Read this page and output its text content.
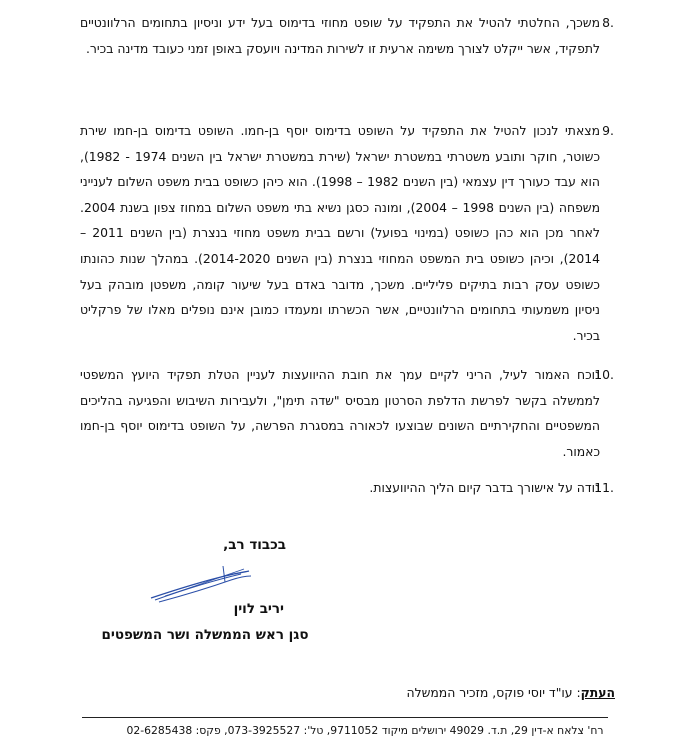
8.

משכך, החלטתי להטיל את התפקיד על שופט מחוזי בדימוס בעל ידע וניסיון בתחומים הרלוונטיים לתפקיד, אשר ייקלט לצורך משימה ארעית זו לשירות המדינה ויועסק באופן זמני כעובד מדינה בכיר.

9.

מצאתי לנכון להטיל את התפקיד על השופט בדימוס יוסף בן-חמו. השופט בדימוס בן-חמו שירת כשוטר, חוקר ותובע משטרתי במשטרת ישראל (שירת במשטרת ישראל בין השנים 1974 - 1982), הוא עבד כעורך דין עצמאי (בין השנים 1982 – 1998). הוא כיהן כשופט בבית משפט השלום לענייני משפחה (בין השנים 1998 – 2004), ומונה כסגן נשיא בתי משפט השלום במחוז צפון בשנת 2004. לאחר מכן הוא כהן כשופט (במינוי בפועל) ורשם בבית משפט מחוזי בנצרת (בין השנים 2011 – 2014), וכיהן כשופט בית המשפט המחוזי בנצרת (בין השנים 2014-2020). במהלך שנות כהונתו כשופט עסק רבות בתיקים פליליים. משכך, מדובר באדם בעל שיעור קומה, משפטן מובהק בעל ניסיון משמעותי בתחומים הרלוונטיים, אשר הכשרתו ומעמדו כמובן אינם נופלים מאלו של פרקליט בכיר.

10.

נוכח האמור לעיל, הריני לקיים עמך את חובת ההיוועצות לעניין הטלת תפקיד היועץ המשפטי לממשלה בקשר לפרשת הדלפת הסרטון מבסיס "שדה תימן", ולעבירות השיבוש והפגיעה בהליכים המשפטיים והחקירתיים השונים שבוצעו לכאורה במסגרת הפרשה, על השופט בדימוס יוסף בן-חמו כאמור.

11.

נודה על אישורך בדבר קיום הליך ההיוועצות.

בכבוד רב,
יריב לוין
סגן ראש הממשלה ושר המשפטים
העתק: עו"ד יוסי פוקס, מזכיר הממשלה
רח' צלאח א-דין 29, ת.ד. 49029 ירושלים מיקוד 9711052, טל': 073-3925527, פקס: 02-6285438
